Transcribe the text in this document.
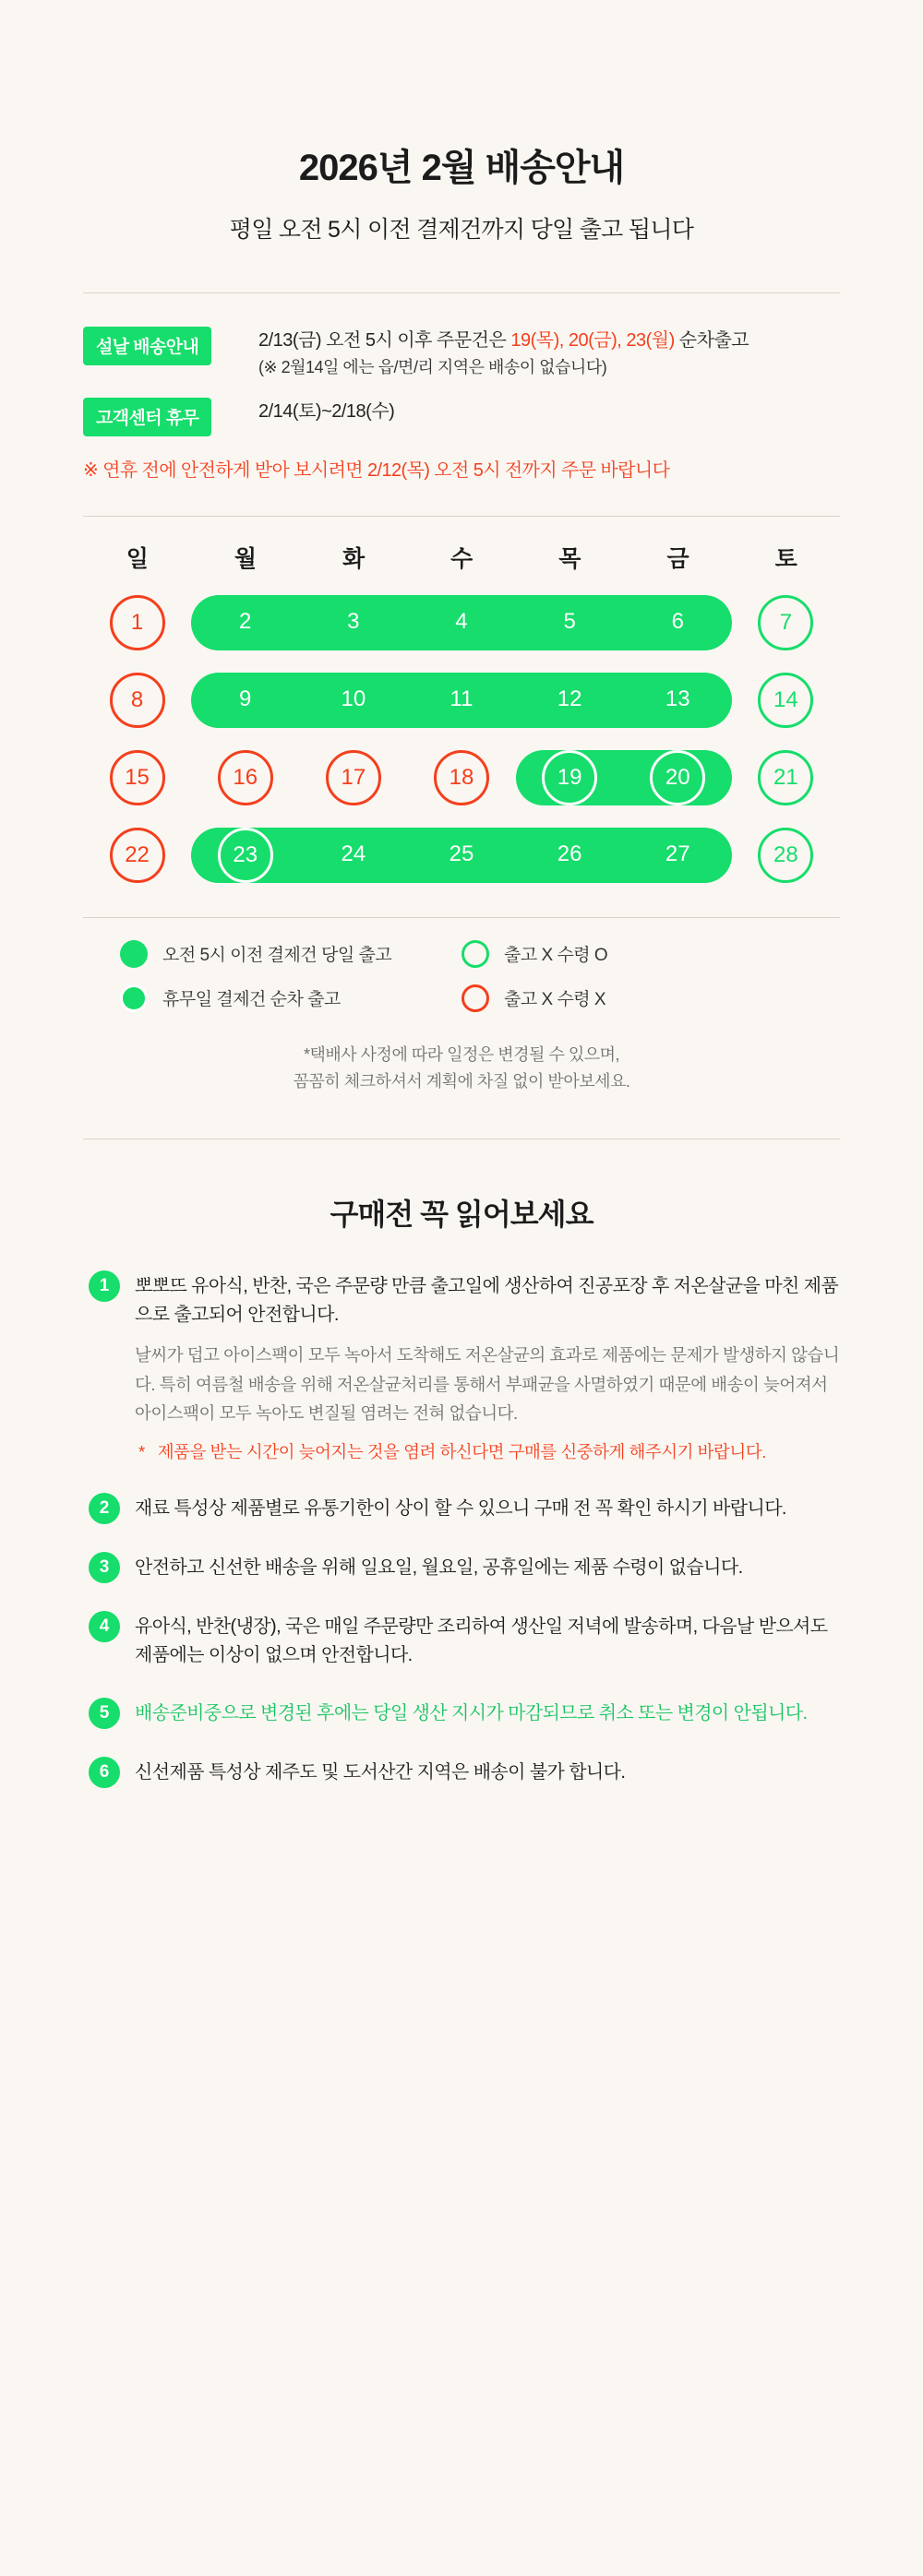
2026년 2월 배송안내

평일 오전 5시 이전 결제건까지 당일 출고 됩니다

설날 배송안내	2/13(금) 오전 5시 이후 주문건은 19(목), 20(금), 23(월) 순차출고
(※ 2월14일 에는 읍/면/리 지역은 배송이 없습니다)

고객센터 휴무	2/14(토)~2/18(수)
※ 연휴 전에 안전하게 받아 보시려면 2/12(목) 오전 5시 전까지 주문 바랍니다
일	월	화	수	목	금	토
1	2	3	4	5	6	7
8	9	10	11	12	13	14
15	16	17	18	19	20	21
22	23	24	25	26	27	28
오전 5시 이전 결제건 당일 출고	출고 X 수령 O
휴무일 결제건 순차 출고	출고 X 수령 X
*택배사 사정에 따라 일정은 변경될 수 있으며,
꼼꼼히 체크하셔서 계획에 차질 없이 받아보세요.
구매전 꼭 읽어보세요
1	뽀뽀뜨 유아식, 반찬, 국은 주문량 만큼 출고일에 생산하여 진공포장 후 저온살균을 마친 제품으로 출고되어 안전합니다.

날씨가 덥고 아이스팩이 모두 녹아서 도착해도 저온살균의 효과로 제품에는 문제가 발생하지 않습니다. 특히 여름철 배송을 위해 저온살균처리를 통해서 부패균을 사멸하였기 때문에 배송이 늦어져서 아이스팩이 모두 녹아도 변질될 염려는 전혀 없습니다.

* 제품을 받는 시간이 늦어지는 것을 염려 하신다면 구매를 신중하게 해주시기 바랍니다.

2	재료 특성상 제품별로 유통기한이 상이 할 수 있으니 구매 전 꼭 확인 하시기 바랍니다.

3	안전하고 신선한 배송을 위해 일요일, 월요일, 공휴일에는 제품 수령이 없습니다.

4	유아식, 반찬(냉장), 국은 매일 주문량만 조리하여 생산일 저녁에 발송하며, 다음날 받으셔도 제품에는 이상이 없으며 안전합니다.

5	배송준비중으로 변경된 후에는 당일 생산 지시가 마감되므로 취소 또는 변경이 안됩니다.

6	신선제품 특성상 제주도 및 도서산간 지역은 배송이 불가 합니다.
